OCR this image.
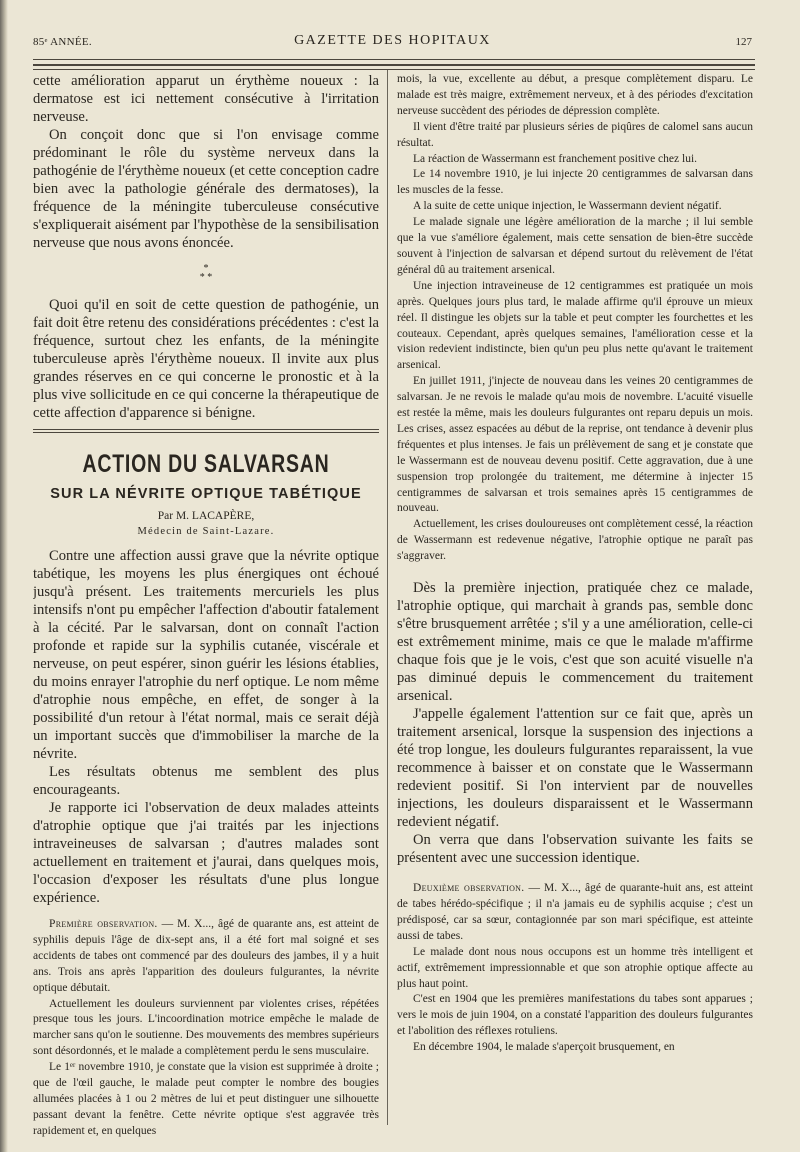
85ᵉ ANNÉE.	GAZETTE DES HOPITAUX	127

cette amélioration apparut un érythème noueux : la dermatose est ici nettement consécutive à l'irritation nerveuse.

On conçoit donc que si l'on envisage comme prédominant le rôle du système nerveux dans la pathogénie de l'érythème noueux (et cette conception cadre bien avec la pathologie générale des dermatoses), la fréquence de la méningite tuberculeuse consécutive s'expliquerait aisément par l'hypothèse de la sensibilisation nerveuse que nous avons énoncée.

*
* *

Quoi qu'il en soit de cette question de pathogénie, un fait doit être retenu des considérations précédentes : c'est la fréquence, surtout chez les enfants, de la méningite tuberculeuse après l'érythème noueux. Il invite aux plus grandes réserves en ce qui concerne le pronostic et à la plus vive sollicitude en ce qui concerne la thérapeutique de cette affection d'apparence si bénigne.

ACTION DU SALVARSAN
SUR LA NÉVRITE OPTIQUE TABÉTIQUE
Par M. LACAPÈRE,
Médecin de Saint-Lazare.

Contre une affection aussi grave que la névrite optique tabétique, les moyens les plus énergiques ont échoué jusqu'à présent. Les traitements mercuriels les plus intensifs n'ont pu empêcher l'affection d'aboutir fatalement à la cécité. Par le salvarsan, dont on connaît l'action profonde et rapide sur la syphilis cutanée, viscérale et nerveuse, on peut espérer, sinon guérir les lésions établies, du moins enrayer l'atrophie du nerf optique. Le nom même d'atrophie nous empêche, en effet, de songer à la possibilité d'un retour à l'état normal, mais ce serait déjà un important succès que d'immobiliser la marche de la névrite.

Les résultats obtenus me semblent des plus encourageants.

Je rapporte ici l'observation de deux malades atteints d'atrophie optique que j'ai traités par les injections intraveineuses de salvarsan ; d'autres malades sont actuellement en traitement et j'aurai, dans quelques mois, l'occasion d'exposer les résultats d'une plus longue expérience.

Première observation. — M. X..., âgé de quarante ans, est atteint de syphilis depuis l'âge de dix-sept ans, il a été fort mal soigné et ses accidents de tabes ont commencé par des douleurs des jambes, il y a huit ans. Trois ans après l'apparition des douleurs fulgurantes, la névrite optique débutait.

Actuellement les douleurs surviennent par violentes crises, répétées presque tous les jours. L'incoordination motrice empêche le malade de marcher sans qu'on le soutienne. Des mouvements des membres supérieurs sont désordonnés, et le malade a complètement perdu le sens musculaire.

Le 1ᵉʳ novembre 1910, je constate que la vision est supprimée à droite ; que de l'œil gauche, le malade peut compter le nombre des bougies allumées placées à 1 ou 2 mètres de lui et peut distinguer une silhouette passant devant la fenêtre. Cette névrite optique s'est aggravée très rapidement et, en quelques

mois, la vue, excellente au début, a presque complètement disparu. Le malade est très maigre, extrêmement nerveux, et à des périodes d'excitation nerveuse succèdent des périodes de dépression complète.

Il vient d'être traité par plusieurs séries de piqûres de calomel sans aucun résultat.

La réaction de Wassermann est franchement positive chez lui.

Le 14 novembre 1910, je lui injecte 20 centigrammes de salvarsan dans les muscles de la fesse.

A la suite de cette unique injection, le Wassermann devient négatif.

Le malade signale une légère amélioration de la marche ; il lui semble que la vue s'améliore également, mais cette sensation de bien-être succède souvent à l'injection de salvarsan et dépend surtout du relèvement de l'état général dû au traitement arsenical.

Une injection intraveineuse de 12 centigrammes est pratiquée un mois après. Quelques jours plus tard, le malade affirme qu'il éprouve un mieux réel. Il distingue les objets sur la table et peut compter les fourchettes et les couteaux. Cependant, après quelques semaines, l'amélioration cesse et la vision redevient indistincte, bien qu'un peu plus nette qu'avant le traitement arsenical.

En juillet 1911, j'injecte de nouveau dans les veines 20 centigrammes de salvarsan. Je ne revois le malade qu'au mois de novembre. L'acuité visuelle est restée la même, mais les douleurs fulgurantes ont reparu depuis un mois. Les crises, assez espacées au début de la reprise, ont tendance à devenir plus fréquentes et plus intenses. Je fais un prélèvement de sang et je constate que le Wassermann est de nouveau devenu positif. Cette aggravation, due à une suspension trop prolongée du traitement, me détermine à injecter 15 centigrammes de salvarsan et trois semaines après 15 centigrammes de nouveau.

Actuellement, les crises douloureuses ont complètement cessé, la réaction de Wassermann est redevenue négative, l'atrophie optique ne paraît pas s'aggraver.

Dès la première injection, pratiquée chez ce malade, l'atrophie optique, qui marchait à grands pas, semble donc s'être brusquement arrêtée ; s'il y a une amélioration, celle-ci est extrêmement minime, mais ce que le malade m'affirme chaque fois que je le vois, c'est que son acuité visuelle n'a pas diminué depuis le commencement du traitement arsenical.

J'appelle également l'attention sur ce fait que, après un traitement arsenical, lorsque la suspension des injections a été trop longue, les douleurs fulgurantes reparaissent, la vue recommence à baisser et on constate que le Wassermann redevient positif. Si l'on intervient par de nouvelles injections, les douleurs disparaissent et le Wassermann redevient négatif.

On verra que dans l'observation suivante les faits se présentent avec une succession identique.

Deuxième observation. — M. X..., âgé de quarante-huit ans, est atteint de tabes hérédo-spécifique ; il n'a jamais eu de syphilis acquise ; c'est un prédisposé, car sa sœur, contagionnée par son mari spécifique, est atteinte aussi de tabes.

Le malade dont nous nous occupons est un homme très intelligent et actif, extrêmement impressionnable et que son atrophie optique affecte au plus haut point.

C'est en 1904 que les premières manifestations du tabes sont apparues ; vers le mois de juin 1904, on a constaté l'apparition des douleurs fulgurantes et l'abolition des réflexes rotuliens.

En décembre 1904, le malade s'aperçoit brusquement, en
